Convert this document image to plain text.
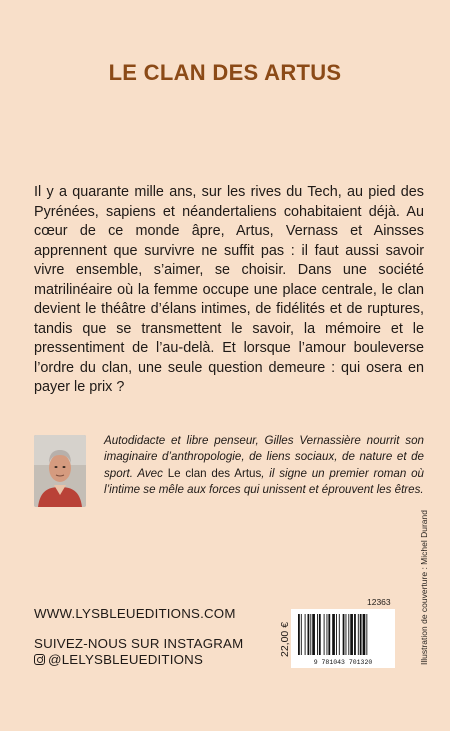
LE CLAN DES ARTUS

Il y a quarante mille ans, sur les rives du Tech, au pied des Pyrénées, sapiens et néandertaliens cohabitaient déjà. Au cœur de ce monde âpre, Artus, Vernass et Ainsses apprennent que survivre ne suffit pas : il faut aussi savoir vivre ensemble, s’aimer, se choisir. Dans une société matrilinéaire où la femme occupe une place centrale, le clan devient le théâtre d’élans intimes, de fidélités et de ruptures, tandis que se transmettent le savoir, la mémoire et le pressentiment de l’au-delà. Et lorsque l’amour bouleverse l’ordre du clan, une seule question demeure : qui osera en payer le prix ?

Autodidacte et libre penseur, Gilles Vernassière nourrit son imaginaire d’anthropologie, de liens sociaux, de nature et de sport. Avec Le clan des Artus, il signe un premier roman où l’intime se mêle aux forces qui unissent et éprouvent les êtres.

Illustration de couverture : Michel Durand
WWW.LYSBLEUEDITIONS.COM
SUIVEZ-NOUS SUR INSTAGRAM
@LELYSBLEUEDITIONS
12363
22,00 €
9 781043 701320
